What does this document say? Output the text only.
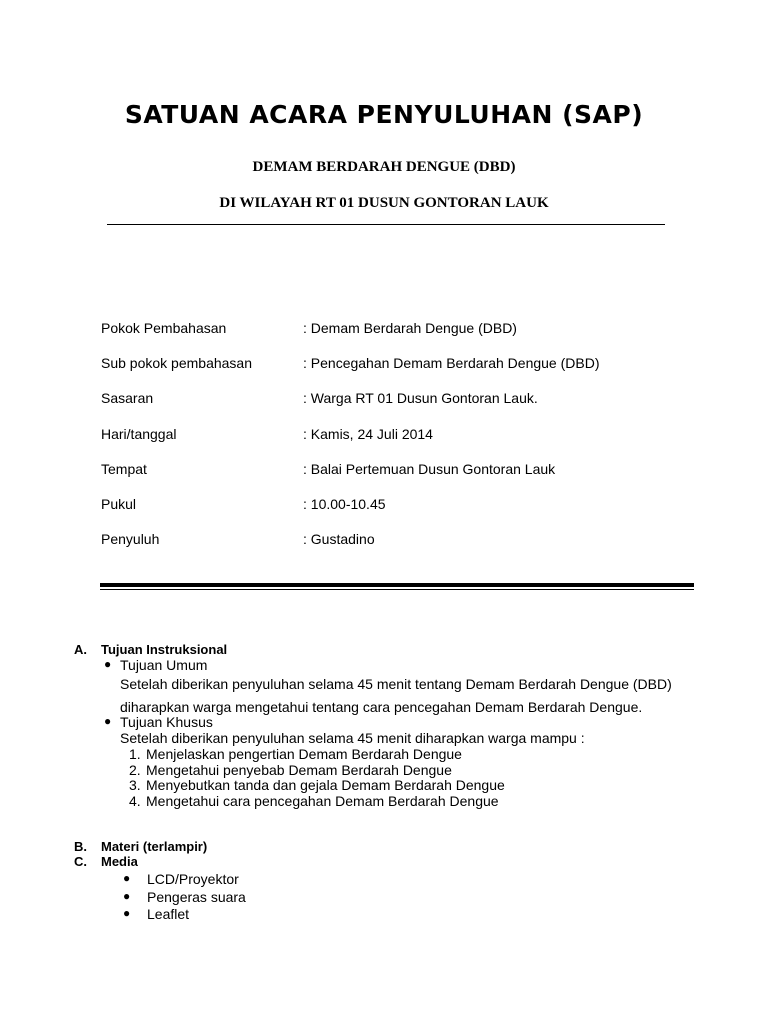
SATUAN ACARA PENYULUHAN (SAP)
DEMAM BERDARAH DENGUE (DBD)
DI WILAYAH RT 01 DUSUN GONTORAN LAUK
Pokok Pembahasan	: Demam Berdarah Dengue (DBD)
Sub pokok pembahasan	: Pencegahan Demam Berdarah Dengue (DBD)
Sasaran	: Warga RT 01 Dusun Gontoran Lauk.
Hari/tanggal	: Kamis, 24 Juli 2014
Tempat	: Balai Pertemuan Dusun Gontoran Lauk
Pukul	: 10.00-10.45
Penyuluh	: Gustadino
A. Tujuan Instruksional
● Tujuan Umum
Setelah diberikan penyuluhan selama 45 menit tentang Demam Berdarah Dengue (DBD)
diharapkan warga mengetahui tentang cara pencegahan Demam Berdarah Dengue.
● Tujuan Khusus
Setelah diberikan penyuluhan selama 45 menit diharapkan warga mampu :
1. Menjelaskan pengertian Demam Berdarah Dengue
2. Mengetahui penyebab Demam Berdarah Dengue
3. Menyebutkan tanda dan gejala Demam Berdarah Dengue
4. Mengetahui cara pencegahan Demam Berdarah Dengue
B. Materi (terlampir)
C. Media
● LCD/Proyektor
● Pengeras suara
● Leaflet
